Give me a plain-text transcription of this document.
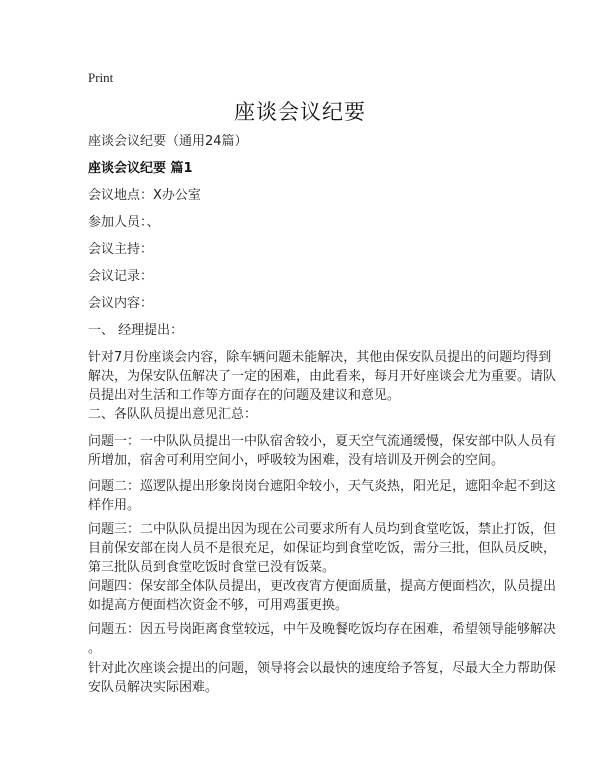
Print
座谈会议纪要
座谈会议纪要（通用24篇）
座谈会议纪要 篇1
会议地点：X办公室
参加人员：、
会议主持：
会议记录：
会议内容：
一、 经理提出：
针对7月份座谈会内容，除车辆问题未能解决，其他由保安队员提出的问题均得到
解决，为保安队伍解决了一定的困难，由此看来，每月开好座谈会尤为重要。请队
员提出对生活和工作等方面存在的问题及建议和意见。
二、各队队员提出意见汇总：
问题一：一中队队员提出一中队宿舍较小，夏天空气流通缓慢，保安部中队人员有
所增加，宿舍可利用空间小，呼吸较为困难，没有培训及开例会的空间。
问题二：巡逻队提出形象岗岗台遮阳伞较小，天气炎热，阳光足，遮阳伞起不到这
样作用。
问题三：二中队队员提出因为现在公司要求所有人员均到食堂吃饭，禁止打饭，但
目前保安部在岗人员不是很充足，如保证均到食堂吃饭，需分三批，但队员反映，
第三批队员到食堂吃饭时食堂已没有饭菜。
问题四：保安部全体队员提出，更改夜宵方便面质量，提高方便面档次，队员提出
如提高方便面档次资金不够，可用鸡蛋更换。
问题五：因五号岗距离食堂较远，中午及晚餐吃饭均存在困难，希望领导能够解决
。
针对此次座谈会提出的问题，领导将会以最快的速度给予答复，尽最大全力帮助保
安队员解决实际困难。
